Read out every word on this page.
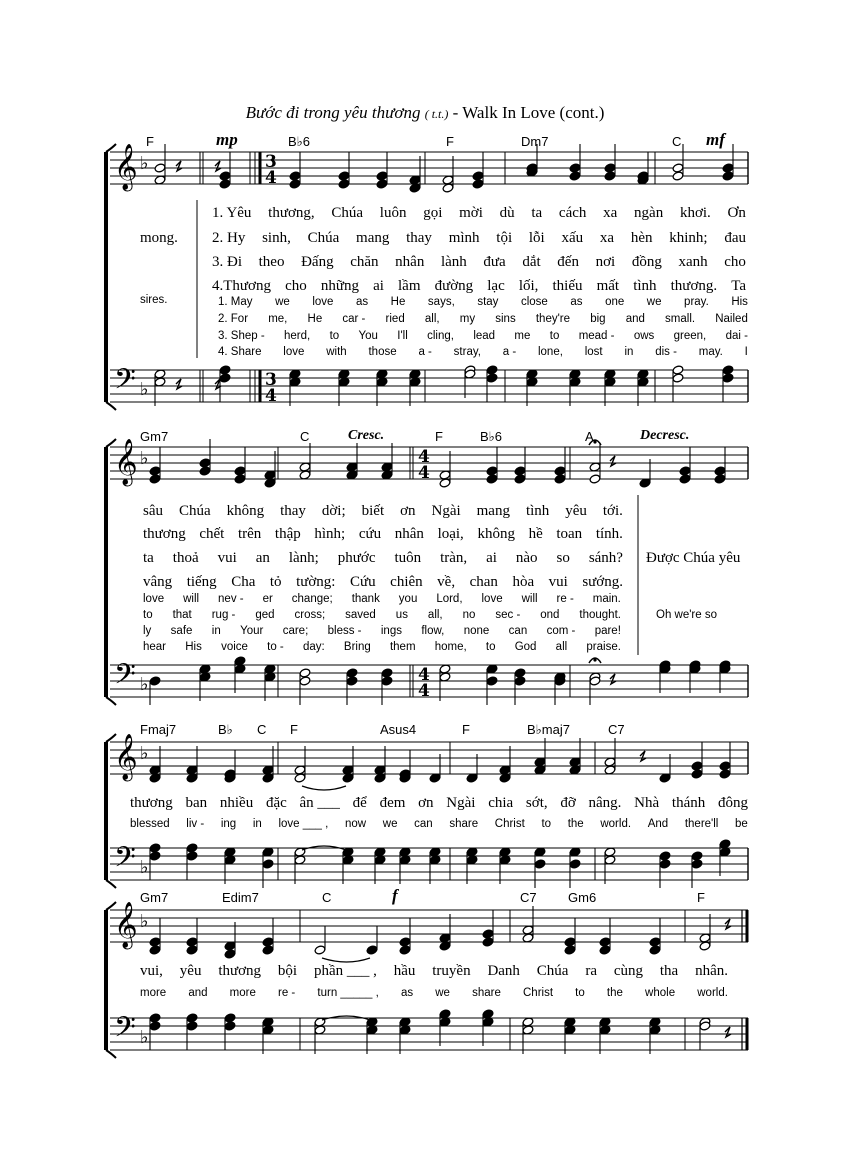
Bước đi trong yêu thương ( t.t.) - Walk In Love (cont.)
𝄞
𝄢
♭
♭
3
4
3
4
F	B♭6	F	Dm7	C
mp	mf
mong.
sires.
1. Yêu thương, Chúa luôn gọi mời dù ta cách xa ngàn khơi. Ơn
2. Hy sinh, Chúa mang thay mình tội lỗi xấu xa hèn khinh; đau
3. Đi theo Đấng chăn nhân lành đưa dắt đến nơi đồng xanh cho
4.Thương cho những ai lầm đường lạc lối, thiếu mất tình thương. Ta
1. May we love as He says, stay close as one we pray. His
2. For me, He car - ried all, my sins they're big and small. Nailed
3. Shep - herd, to You I'll cling, lead me to mead - ows green, dai -
4. Share love with those a - stray, a - lone, lost in dis - may. I
𝄞
𝄢
♭
♭
4
4
4
4
Gm7	C	F	B♭6	A
Cresc.	Decresc.
sâu Chúa không thay dời; biết ơn Ngài mang tình yêu tới.
thương chết trên thập hình; cứu nhân loại, không hề toan tính.
ta thoả vui an lành; phước tuôn tràn, ai nào so sánh?
vâng tiếng Cha tỏ tường: Cứu chiên về, chan hòa vui sướng.
love will nev - er change; thank you Lord, love will re - main.
to that rug - ged cross; saved us all, no sec - ond thought.
ly safe in Your care; bless - ings flow, none can com - pare!
hear His voice to - day: Bring them home, to God all praise.
Được Chúa yêu
Oh we're so
𝄞
𝄢
♭
♭
Fmaj7	B♭ C F	Asus4	F	B♭maj7	C7
thương ban nhiều đặc ân ___ để đem ơn Ngài chia sớt, đỡ nâng. Nhà thánh đông
blessed liv - ing in love ___ , now we can share Christ to the world. And there'll be
𝄞
𝄢
♭
♭
Gm7	Edim7	C	C7 Gm6	F
f
vui, yêu thương bội phần ___ , hầu truyền Danh Chúa ra cùng tha nhân.
more and more re - turn _____ , as we share Christ to the whole world.
